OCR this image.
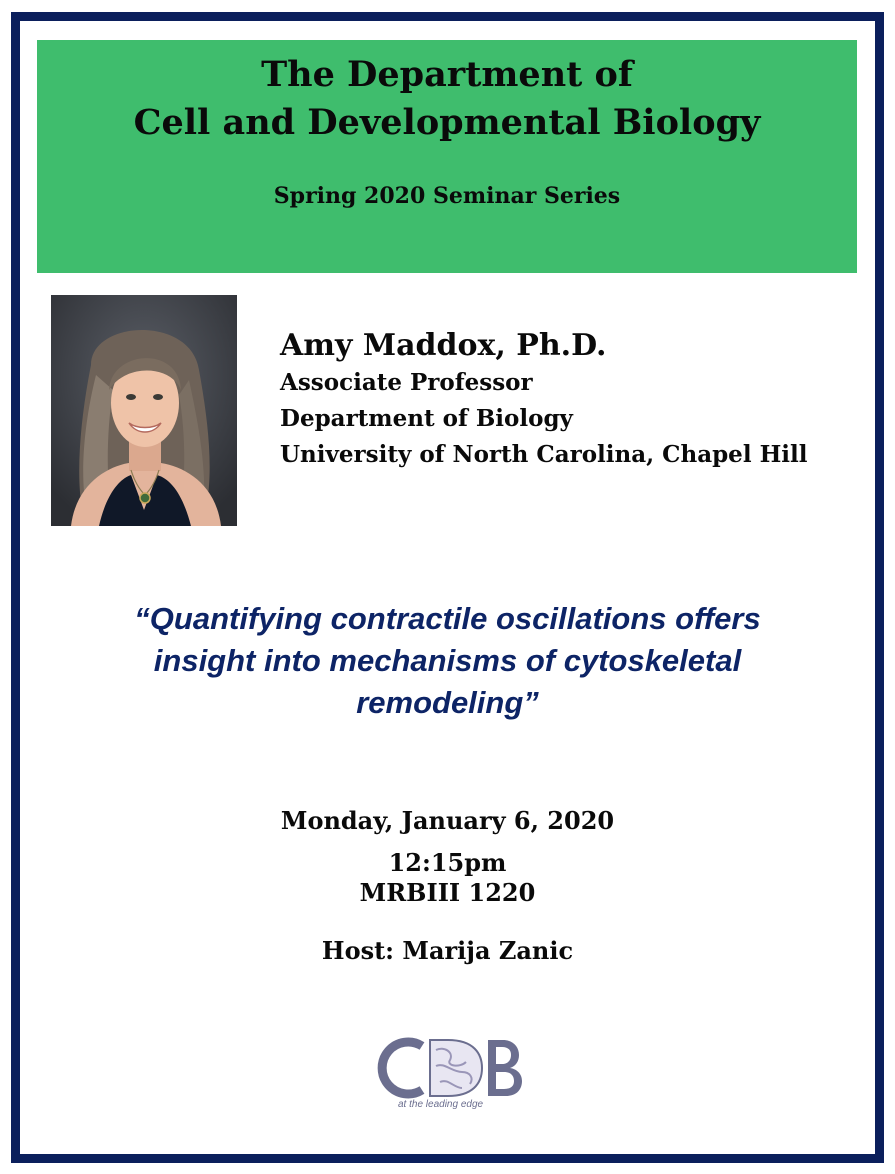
The Department of
Cell and Developmental Biology
Spring 2020 Seminar Series
Amy Maddox, Ph.D.
Associate Professor
Department of Biology
University of North Carolina, Chapel Hill
“Quantifying contractile oscillations offers
insight into mechanisms of cytoskeletal
remodeling”
Monday, January 6, 2020
12:15pm
MRBIII 1220
Host: Marija Zanic
at the leading edge
